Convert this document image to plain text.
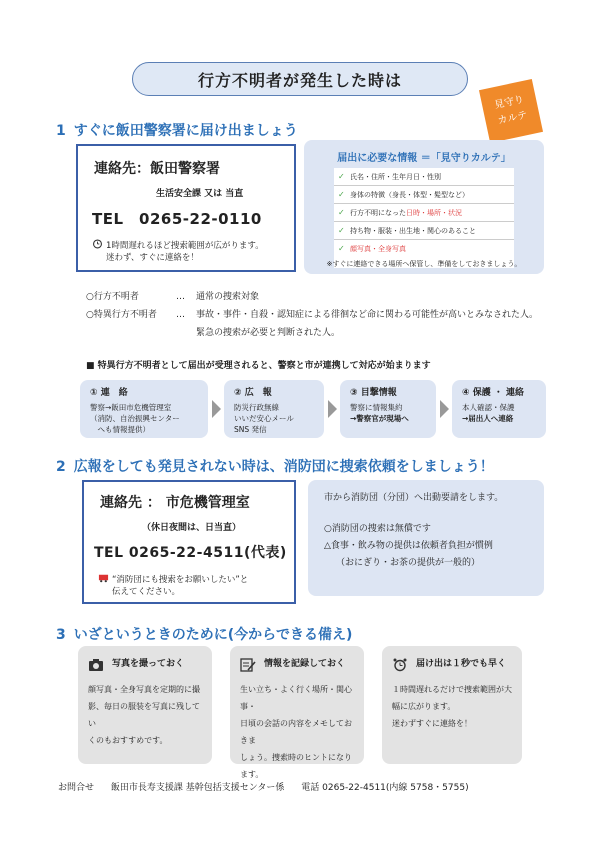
行方不明者が発生した時は
見守り
カルテ
1 すぐに飯田警察署に届け出ましょう
連絡先：飯田警察署
生活安全課 又は 当直
TEL　0265-22-0110
1時間遅れるほど捜索範囲が広がります。
迷わず、すぐに連絡を！
届出に必要な情報 ＝「見守りカルテ」
✓ 氏名・住所・生年月日・性別
✓ 身体の特徴（身長・体型・髪型など）
✓ 行方不明になった日時・場所・状況
✓ 持ち物・服装・出生地・関心のあること
✓ 顔写真・全身写真
※すぐに連絡できる場所へ保管し、準備をしておきましょう。
○行方不明者	…	通常の捜索対象
○特異行方不明者	…	事故・事件・自殺・認知症による徘徊など命に関わる可能性が高いとみなされた人。
緊急の捜索が必要と判断された人。
■ 特異行方不明者として届出が受理されると、警察と市が連携して対応が始まります
① 連　絡
警察→飯田市危機管理室
（消防、自治振興センター
　へも情報提供）
② 広　報
防災行政無線
いいだ安心メール
SNS 発信
③ 目撃情報
警察に情報集約
→警察官が現場へ
④ 保護 ・ 連絡
本人確認・保護
→届出人へ連絡
2 広報をしても発見されない時は、消防団に捜索依頼をしましょう！
連絡先 ： 市危機管理室
（休日夜間は、日当直）
TEL 0265-22-4511(代表)
“消防団にも捜索をお願いしたい”と
伝えてください。
市から消防団（分団）へ出動要請をします。
○消防団の捜索は無償です
△食事・飲み物の提供は依頼者負担が慣例
（おにぎり・お茶の提供が一般的）
3 いざというときのために(今からできる備え)
写真を撮っておく
顔写真・全身写真を定期的に撮
影、毎日の服装を写真に残してい
くのもおすすめです。
情報を記録しておく
生い立ち・よく行く場所・関心事・
日頃の会話の内容をメモしておきま
しょう。捜索時のヒントになります。
届け出は１秒でも早く
１時間遅れるだけで捜索範囲が大
幅に広がります。
迷わずすぐに連絡を！
お問合せ 飯田市長寿支援課 基幹包括支援センター係 電話 0265-22-4511(内線 5758・5755)
